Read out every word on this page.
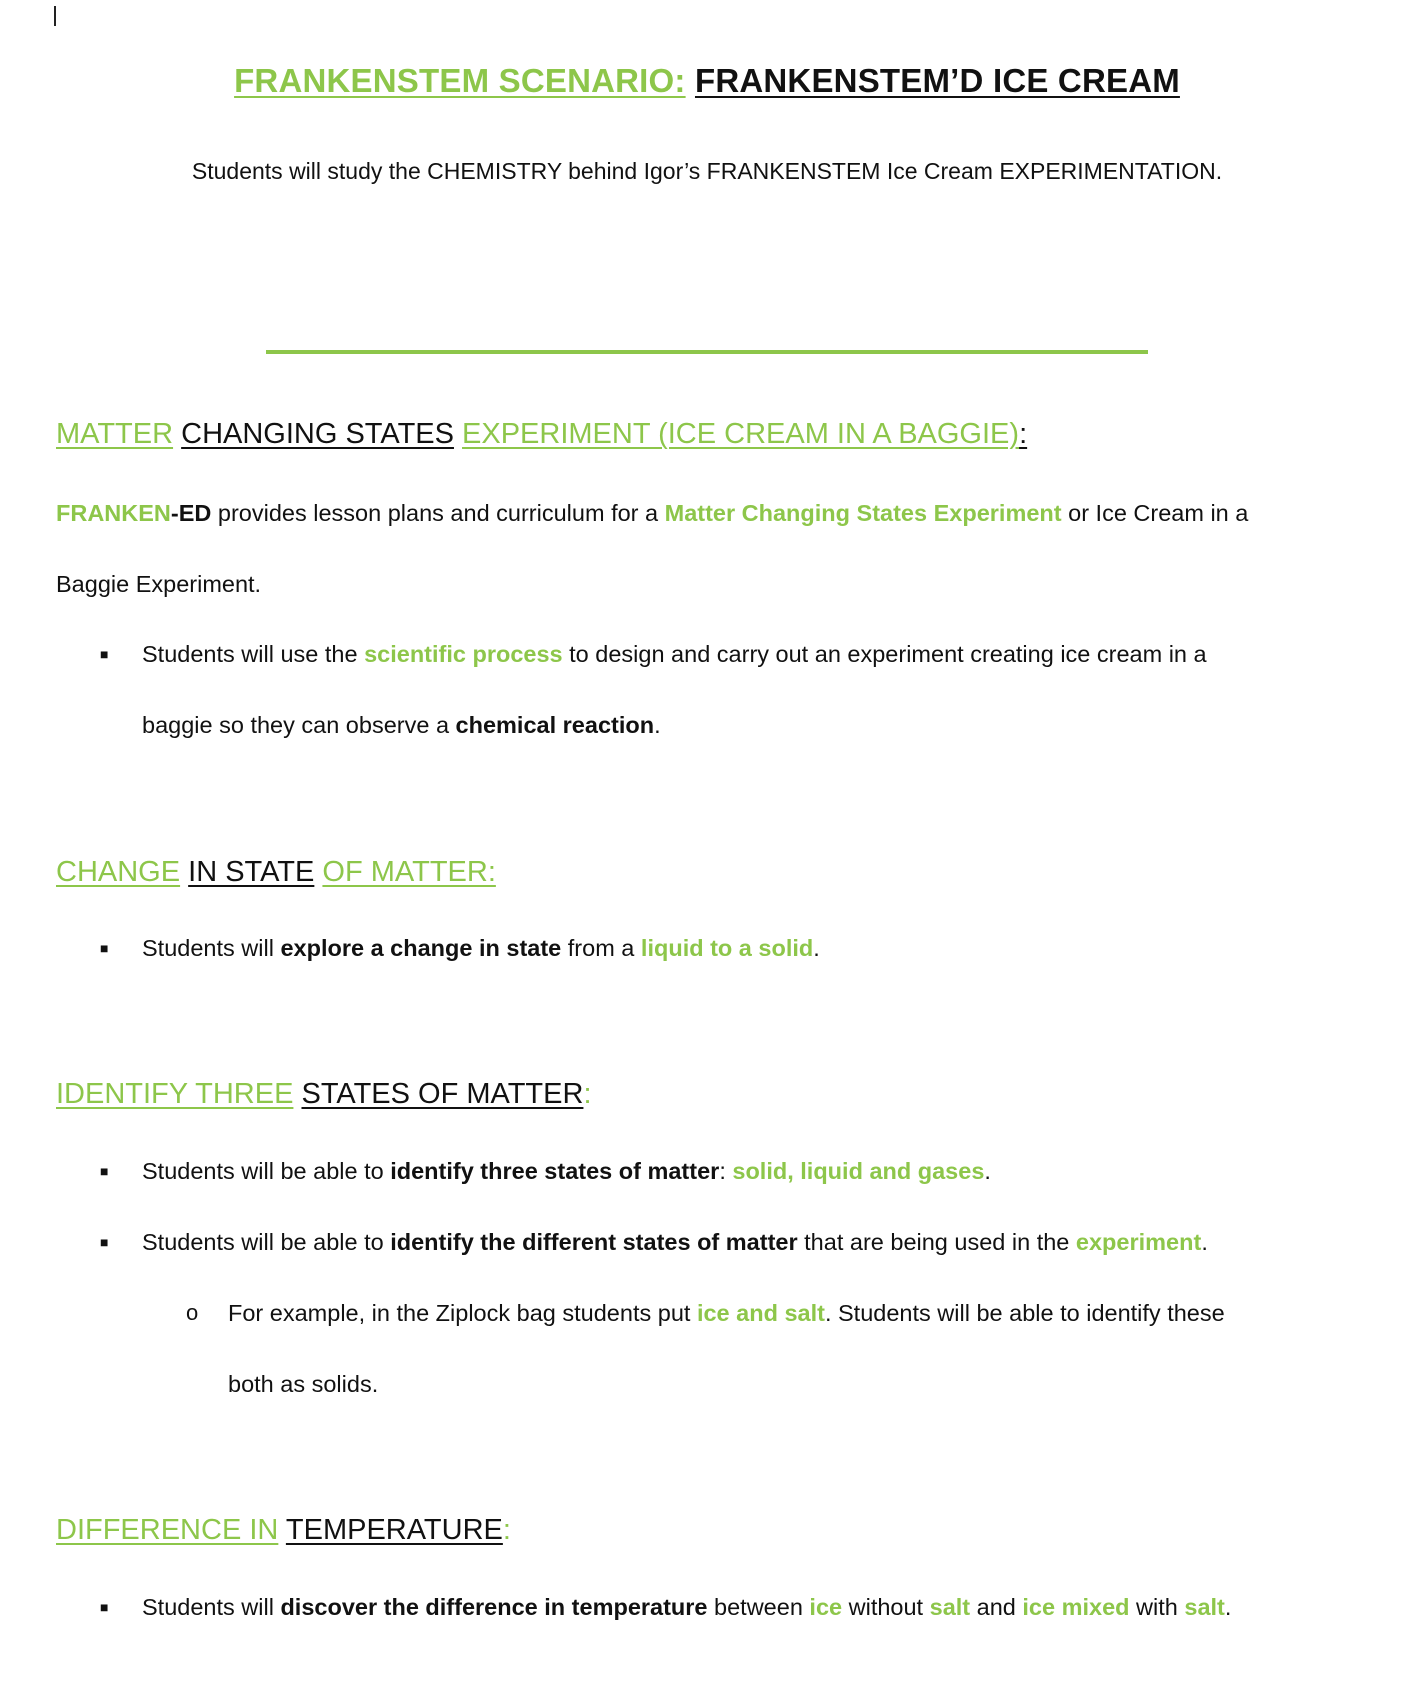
FRANKENSTEM SCENARIO: FRANKENSTEM’D ICE CREAM
Students will study the CHEMISTRY behind Igor’s FRANKENSTEM Ice Cream EXPERIMENTATION.
MATTER CHANGING STATES EXPERIMENT (ICE CREAM IN A BAGGIE):
FRANKEN-ED provides lesson plans and curriculum for a Matter Changing States Experiment or Ice Cream in a
Baggie Experiment.
■ Students will use the scientific process to design and carry out an experiment creating ice cream in a
baggie so they can observe a chemical reaction.
CHANGE IN STATE OF MATTER:
■ Students will explore a change in state from a liquid to a solid.
IDENTIFY THREE STATES OF MATTER:
■ Students will be able to identify three states of matter: solid, liquid and gases.
■ Students will be able to identify the different states of matter that are being used in the experiment.
o For example, in the Ziplock bag students put ice and salt. Students will be able to identify these
both as solids.
DIFFERENCE IN TEMPERATURE:
■ Students will discover the difference in temperature between ice without salt and ice mixed with salt.
